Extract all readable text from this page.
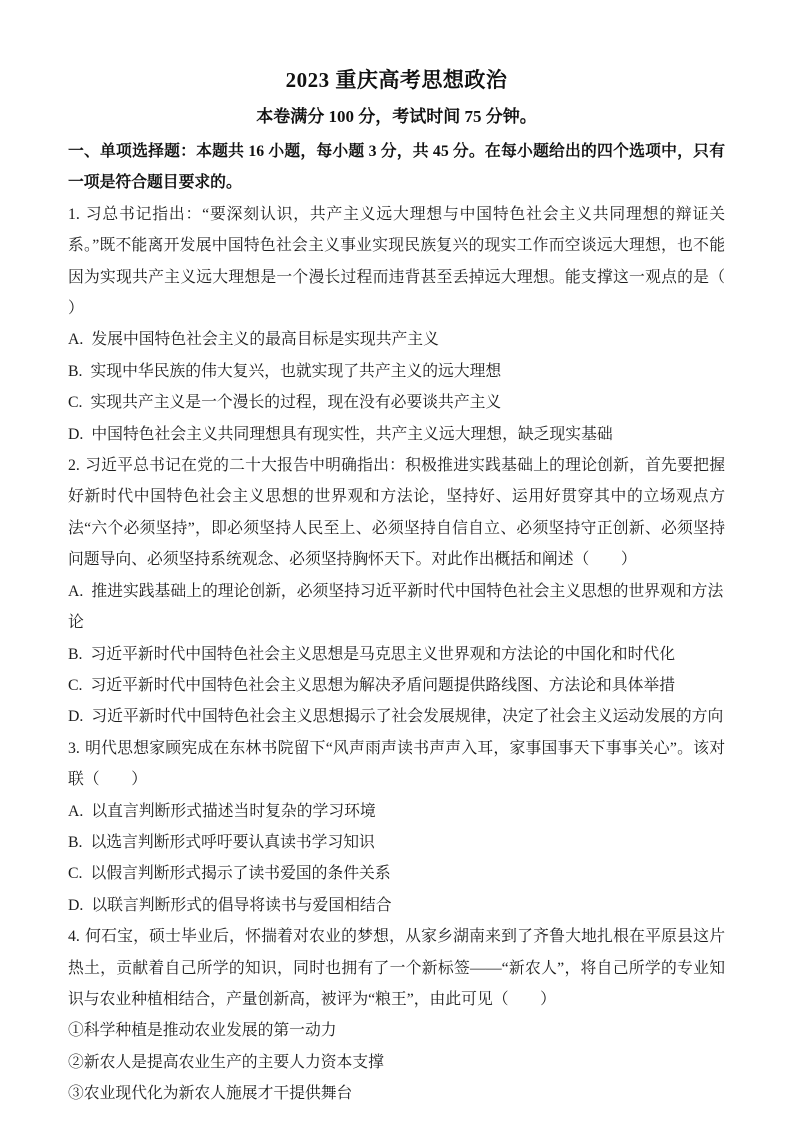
2023 重庆高考思想政治
本卷满分 100 分，考试时间 75 分钟。

一、单项选择题：本题共 16 小题，每小题 3 分，共 45 分。在每小题给出的四个选项中，只有一项是符合题目要求的。

1. 习总书记指出：“要深刻认识，共产主义远大理想与中国特色社会主义共同理想的辩证关系。”既不能离开发展中国特色社会主义事业实现民族复兴的现实工作而空谈远大理想，也不能因为实现共产主义远大理想是一个漫长过程而违背甚至丢掉远大理想。能支撑这一观点的是（　　）

A. 发展中国特色社会主义的最高目标是实现共产主义
B. 实现中华民族的伟大复兴，也就实现了共产主义的远大理想
C. 实现共产主义是一个漫长的过程，现在没有必要谈共产主义
D. 中国特色社会主义共同理想具有现实性，共产主义远大理想，缺乏现实基础

2. 习近平总书记在党的二十大报告中明确指出：积极推进实践基础上的理论创新，首先要把握好新时代中国特色社会主义思想的世界观和方法论，坚持好、运用好贯穿其中的立场观点方法“六个必须坚持”，即必须坚持人民至上、必须坚持自信自立、必须坚持守正创新、必须坚持问题导向、必须坚持系统观念、必须坚持胸怀天下。对此作出概括和阐述（　　）

A. 推进实践基础上的理论创新，必须坚持习近平新时代中国特色社会主义思想的世界观和方法论
B. 习近平新时代中国特色社会主义思想是马克思主义世界观和方法论的中国化和时代化
C. 习近平新时代中国特色社会主义思想为解决矛盾问题提供路线图、方法论和具体举措
D. 习近平新时代中国特色社会主义思想揭示了社会发展规律，决定了社会主义运动发展的方向

3. 明代思想家顾宪成在东林书院留下“风声雨声读书声声入耳，家事国事天下事事关心”。该对联（　　）

A. 以直言判断形式描述当时复杂的学习环境
B. 以选言判断形式呼吁要认真读书学习知识
C. 以假言判断形式揭示了读书爱国的条件关系
D. 以联言判断形式的倡导将读书与爱国相结合

4. 何石宝，硕士毕业后，怀揣着对农业的梦想，从家乡湖南来到了齐鲁大地扎根在平原县这片热土，贡献着自己所学的知识，同时也拥有了一个新标签——“新农人”，将自己所学的专业知识与农业种植相结合，产量创新高，被评为“粮王”，由此可见（　　）

①科学种植是推动农业发展的第一动力
②新农人是提高农业生产的主要人力资本支撑
③农业现代化为新农人施展才干提供舞台
